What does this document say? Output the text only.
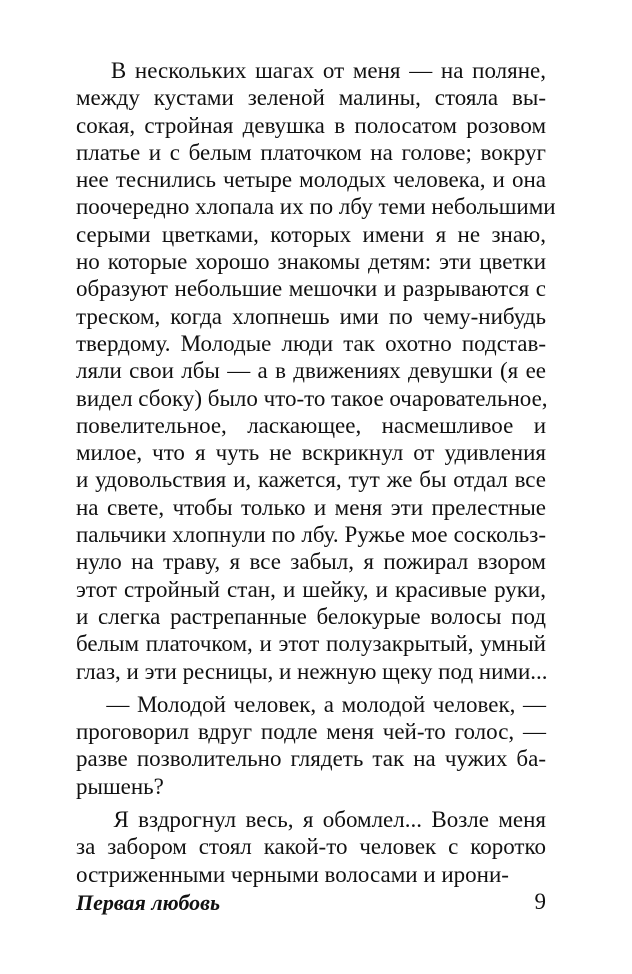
В нескольких шагах от меня — на поляне,
между кустами зеленой малины, стояла вы-
сокая, стройная девушка в полосатом розовом
платье и с белым платочком на голове; вокруг
нее теснились четыре молодых человека, и она
поочередно хлопала их по лбу теми небольшими
серыми цветками, которых имени я не знаю,
но которые хорошо знакомы детям: эти цветки
образуют небольшие мешочки и разрываются с
треском, когда хлопнешь ими по чему-нибудь
твердому. Молодые люди так охотно подстав-
ляли свои лбы — а в движениях девушки (я ее
видел сбоку) было что-то такое очаровательное,
повелительное, ласкающее, насмешливое и
милое, что я чуть не вскрикнул от удивления
и удовольствия и, кажется, тут же бы отдал все
на свете, чтобы только и меня эти прелестные
пальчики хлопнули по лбу. Ружье мое соскольз-
нуло на траву, я все забыл, я пожирал взором
этот стройный стан, и шейку, и красивые руки,
и слегка растрепанные белокурые волосы под
белым платочком, и этот полузакрытый, умный
глаз, и эти ресницы, и нежную щеку под ними...
— Молодой человек, а молодой человек, —
проговорил вдруг подле меня чей-то голос, —
разве позволительно глядеть так на чужих ба-
рышень?
Я вздрогнул весь, я обомлел... Возле меня
за забором стоял какой-то человек с коротко
остриженными черными волосами и ирони-
Первая любовь	9
